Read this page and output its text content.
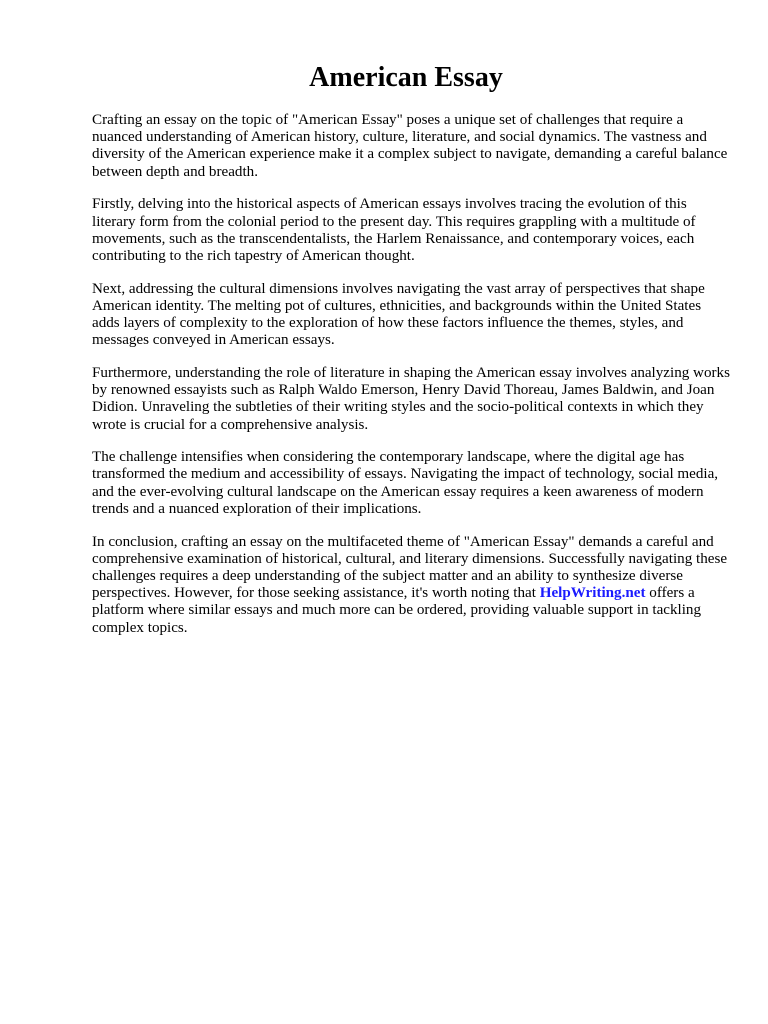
American Essay

Crafting an essay on the topic of "American Essay" poses a unique set of challenges that require a nuanced understanding of American history, culture, literature, and social dynamics. The vastness and diversity of the American experience make it a complex subject to navigate, demanding a careful balance between depth and breadth.

Firstly, delving into the historical aspects of American essays involves tracing the evolution of this literary form from the colonial period to the present day. This requires grappling with a multitude of movements, such as the transcendentalists, the Harlem Renaissance, and contemporary voices, each contributing to the rich tapestry of American thought.

Next, addressing the cultural dimensions involves navigating the vast array of perspectives that shape American identity. The melting pot of cultures, ethnicities, and backgrounds within the United States adds layers of complexity to the exploration of how these factors influence the themes, styles, and messages conveyed in American essays.

Furthermore, understanding the role of literature in shaping the American essay involves analyzing works by renowned essayists such as Ralph Waldo Emerson, Henry David Thoreau, James Baldwin, and Joan Didion. Unraveling the subtleties of their writing styles and the socio-political contexts in which they wrote is crucial for a comprehensive analysis.

The challenge intensifies when considering the contemporary landscape, where the digital age has transformed the medium and accessibility of essays. Navigating the impact of technology, social media, and the ever-evolving cultural landscape on the American essay requires a keen awareness of modern trends and a nuanced exploration of their implications.

In conclusion, crafting an essay on the multifaceted theme of "American Essay" demands a careful and comprehensive examination of historical, cultural, and literary dimensions. Successfully navigating these challenges requires a deep understanding of the subject matter and an ability to synthesize diverse perspectives. However, for those seeking assistance, it's worth noting that HelpWriting.net offers a platform where similar essays and much more can be ordered, providing valuable support in tackling complex topics.
